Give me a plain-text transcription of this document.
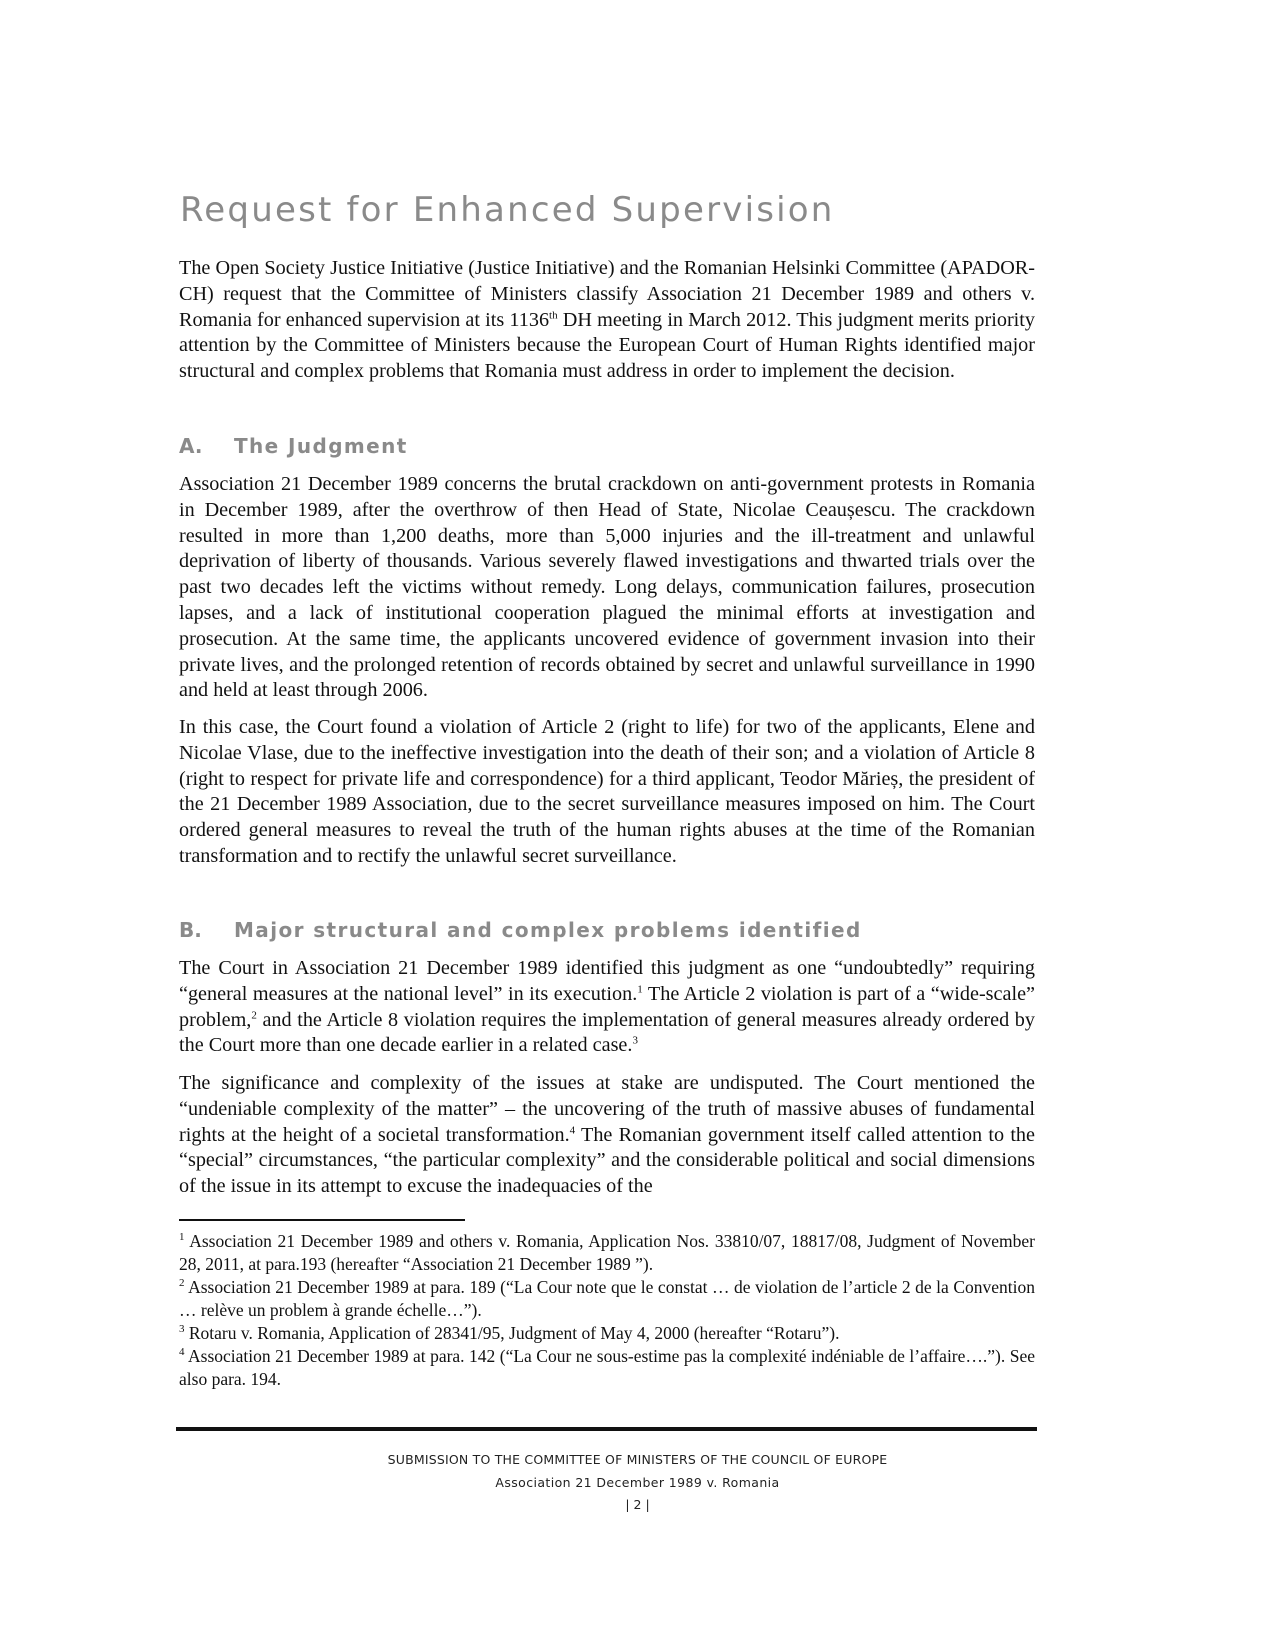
Request for Enhanced Supervision

The Open Society Justice Initiative (Justice Initiative) and the Romanian Helsinki Committee (APADOR-CH) request that the Committee of Ministers classify Association 21 December 1989 and others v. Romania for enhanced supervision at its 1136th DH meeting in March 2012. This judgment merits priority attention by the Committee of Ministers because the European Court of Human Rights identified major structural and complex problems that Romania must address in order to implement the decision.

A. The Judgment

Association 21 December 1989 concerns the brutal crackdown on anti-government protests in Romania in December 1989, after the overthrow of then Head of State, Nicolae Ceaușescu. The crackdown resulted in more than 1,200 deaths, more than 5,000 injuries and the ill-treatment and unlawful deprivation of liberty of thousands. Various severely flawed investigations and thwarted trials over the past two decades left the victims without remedy. Long delays, communication failures, prosecution lapses, and a lack of institutional cooperation plagued the minimal efforts at investigation and prosecution. At the same time, the applicants uncovered evidence of government invasion into their private lives, and the prolonged retention of records obtained by secret and unlawful surveillance in 1990 and held at least through 2006.

In this case, the Court found a violation of Article 2 (right to life) for two of the applicants, Elene and Nicolae Vlase, due to the ineffective investigation into the death of their son; and a violation of Article 8 (right to respect for private life and correspondence) for a third applicant, Teodor Mărieș, the president of the 21 December 1989 Association, due to the secret surveillance measures imposed on him. The Court ordered general measures to reveal the truth of the human rights abuses at the time of the Romanian transformation and to rectify the unlawful secret surveillance.

B. Major structural and complex problems identified

The Court in Association 21 December 1989 identified this judgment as one “undoubtedly” requiring “general measures at the national level” in its execution.$^1$ The Article 2 violation is part of a “wide-scale” problem,$^2$ and the Article 8 violation requires the implementation of general measures already ordered by the Court more than one decade earlier in a related case.$^3$

The significance and complexity of the issues at stake are undisputed. The Court mentioned the “undeniable complexity of the matter” – the uncovering of the truth of massive abuses of fundamental rights at the height of a societal transformation.$^4$ The Romanian government itself called attention to the “special” circumstances, “the particular complexity” and the considerable political and social dimensions of the issue in its attempt to excuse the inadequacies of the

$^1$ Association 21 December 1989 and others v. Romania, Application Nos. 33810/07, 18817/08, Judgment of November 28, 2011, at para.193 (hereafter “Association 21 December 1989 ”).

$^2$ Association 21 December 1989 at para. 189 (“La Cour note que le constat … de violation de l’article 2 de la Convention … relève un problem à grande échelle…”).

$^3$ Rotaru v. Romania, Application of 28341/95, Judgment of May 4, 2000 (hereafter “Rotaru”).

$^4$ Association 21 December 1989 at para. 142 (“La Cour ne sous-estime pas la complexité indéniable de l’affaire….”). See also para. 194.

SUBMISSION TO THE COMMITTEE OF MINISTERS OF THE COUNCIL OF EUROPE

Association 21 December 1989 v. Romania

| 2 |
